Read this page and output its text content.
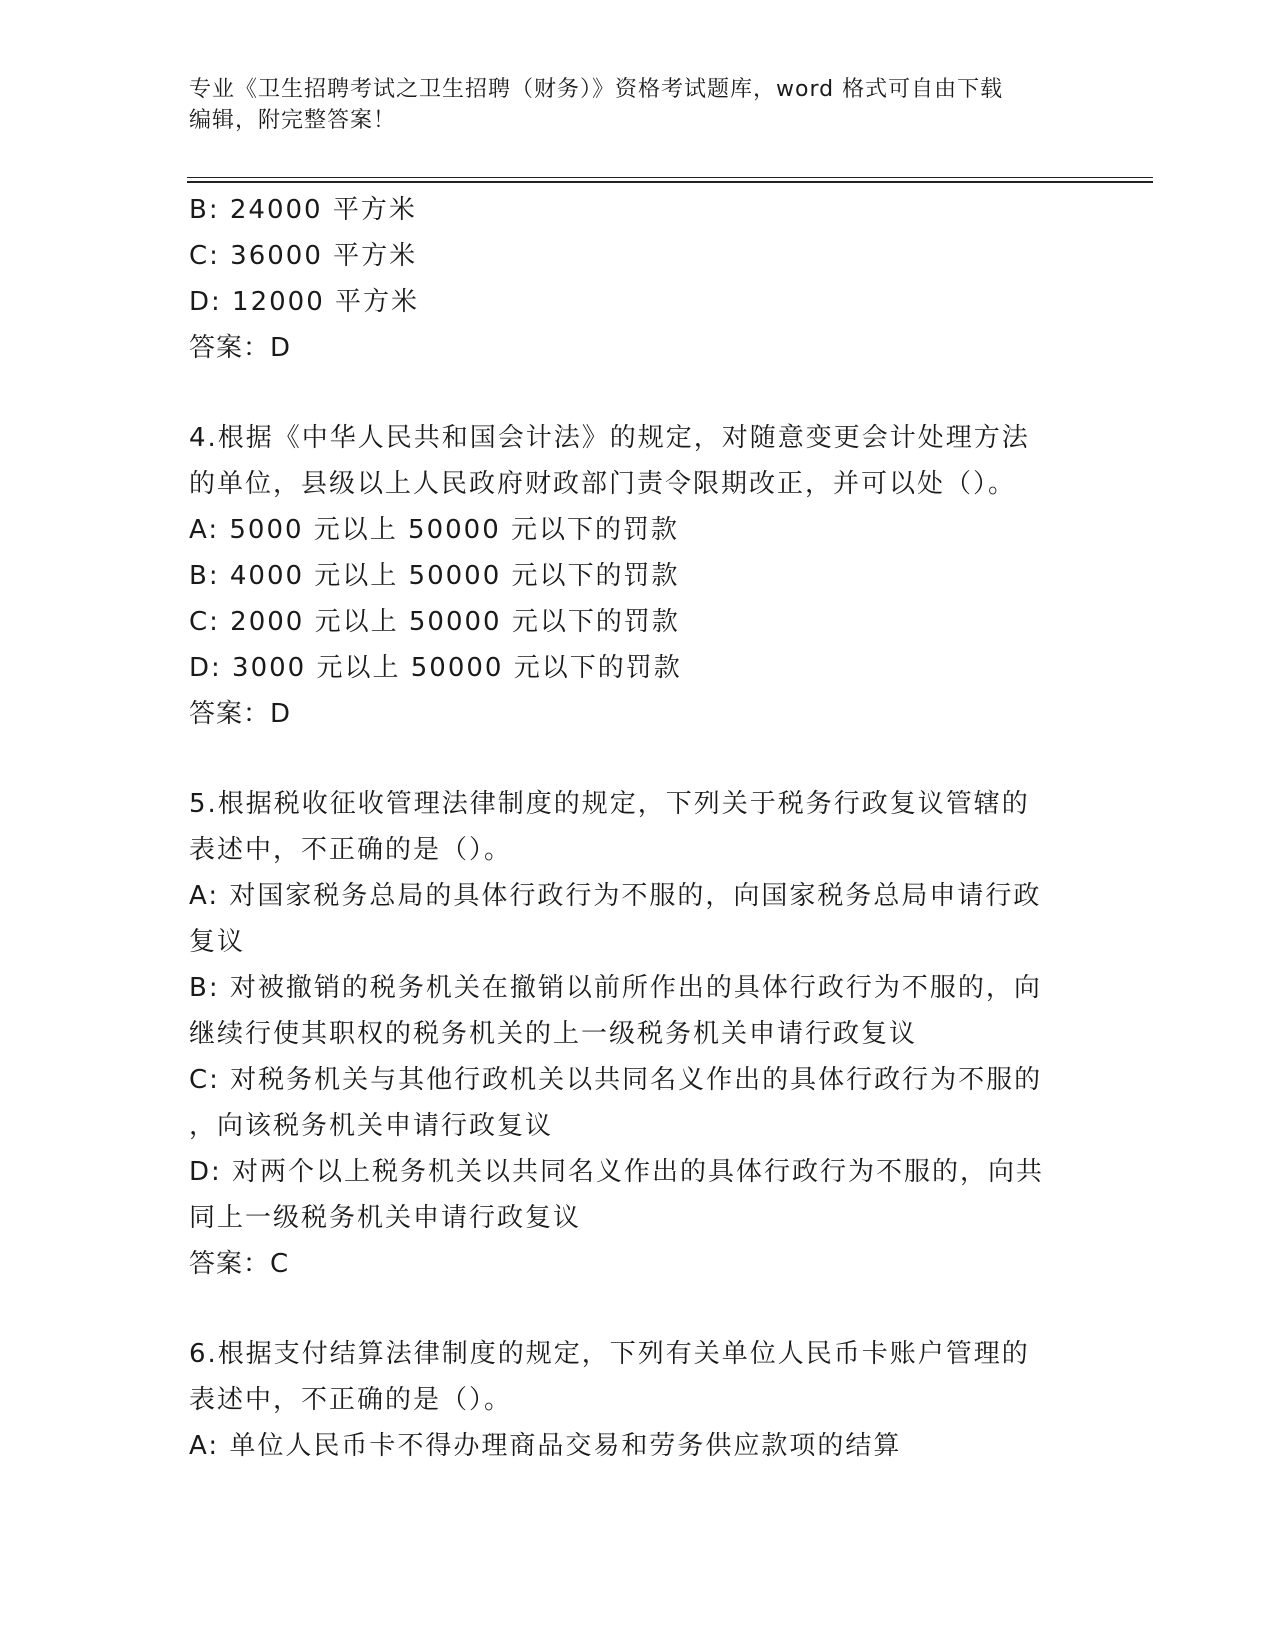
专业《卫生招聘考试之卫生招聘（财务）》资格考试题库，word 格式可自由下载
编辑，附完整答案！
B: 24000 平方米
C: 36000 平方米
D: 12000 平方米
答案：D
4.根据《中华人民共和国会计法》的规定，对随意变更会计处理方法
的单位，县级以上人民政府财政部门责令限期改正，并可以处（）。
A: 5000 元以上 50000 元以下的罚款
B: 4000 元以上 50000 元以下的罚款
C: 2000 元以上 50000 元以下的罚款
D: 3000 元以上 50000 元以下的罚款
答案：D
5.根据税收征收管理法律制度的规定，下列关于税务行政复议管辖的
表述中，不正确的是（）。
A: 对国家税务总局的具体行政行为不服的，向国家税务总局申请行政
复议
B: 对被撤销的税务机关在撤销以前所作出的具体行政行为不服的，向
继续行使其职权的税务机关的上一级税务机关申请行政复议
C: 对税务机关与其他行政机关以共同名义作出的具体行政行为不服的
，向该税务机关申请行政复议
D: 对两个以上税务机关以共同名义作出的具体行政行为不服的，向共
同上一级税务机关申请行政复议
答案：C
6.根据支付结算法律制度的规定，下列有关单位人民币卡账户管理的
表述中，不正确的是（）。
A: 单位人民币卡不得办理商品交易和劳务供应款项的结算
